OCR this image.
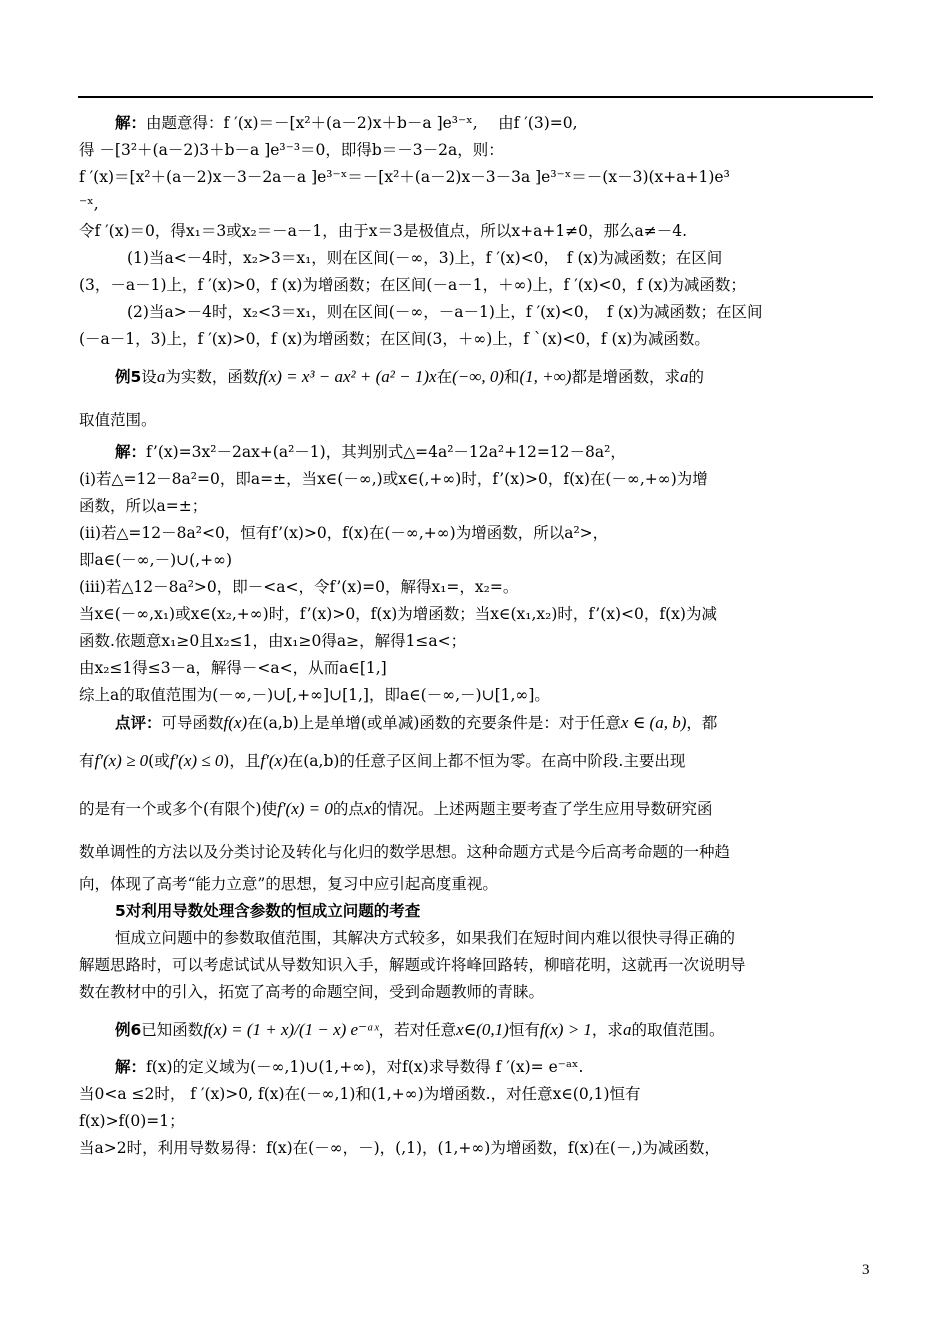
解：由题意得：f ′(x)＝－[x²＋(a－2)x＋b－a ]e³⁻ˣ,　 由f ′(3)=0,
得 －[3²＋(a－2)3＋b－a ]e³⁻³＝0，即得b＝－3－2a，则：
f ′(x)＝[x²＋(a－2)x－3－2a－a ]e³⁻ˣ＝－[x²＋(a－2)x－3－3a ]e³⁻ˣ＝－(x－3)(x+a+1)e³
⁻ˣ,
令f ′(x)＝0，得x₁＝3或x₂＝－a－1，由于x＝3是极值点，所以x+a+1≠0，那么a≠－4.
(1)当a<－4时，x₂>3＝x₁，则在区间(－∞，3)上，f ′(x)<0，　f (x)为减函数；在区间
(3，－a－1)上，f ′(x)>0，f (x)为增函数；在区间(－a－1，＋∞)上，f ′(x)<0，f (x)为减函数；
(2)当a>－4时，x₂<3＝x₁，则在区间(－∞，－a－1)上，f ′(x)<0，　f (x)为减函数；在区间
(－a－1，3)上，f ′(x)>0，f (x)为增函数；在区间(3，＋∞)上，f `(x)<0，f (x)为减函数。
例5设a为实数，函数f(x) = x³ − ax² + (a² − 1)x在(−∞, 0)和(1, +∞)都是增函数，求a的
取值范围。
解：f’(x)=3x²－2ax+(a²－1)，其判别式△=4a²－12a²+12=12－8a²，
(ⅰ)若△=12－8a²=0，即a=±，当x∈(－∞,)或x∈(,+∞)时，f’(x)>0，f(x)在(－∞,+∞)为增
函数，所以a=±；
(ⅱ)若△=12－8a²<0，恒有f’(x)>0，f(x)在(－∞,+∞)为增函数，所以a²>，
即a∈(－∞,－)∪(,+∞)
(ⅲ)若△12－8a²>0，即－<a<，令f’(x)=0，解得x₁=，x₂=。
当x∈(－∞,x₁)或x∈(x₂,+∞)时，f’(x)>0，f(x)为增函数；当x∈(x₁,x₂)时，f’(x)<0，f(x)为减
函数.依题意x₁≥0且x₂≤1，由x₁≥0得a≥，解得1≤a<；
由x₂≤1得≤3－a，解得－<a<，从而a∈[1,]
综上a的取值范围为(－∞,－)∪[,+∞]∪[1,]，即a∈(－∞,－)∪[1,∞]。
点评：可导函数f(x)在(a,b)上是单增(或单减)函数的充要条件是：对于任意x ∈ (a, b)，都
有f′(x) ≥ 0(或f′(x) ≤ 0)，且f′(x)在(a,b)的任意子区间上都不恒为零。在高中阶段.主要出现
的是有一个或多个(有限个)使f′(x) = 0的点x的情况。上述两题主要考查了学生应用导数研究函
数单调性的方法以及分类讨论及转化与化归的数学思想。这种命题方式是今后高考命题的一种趋
向，体现了高考“能力立意”的思想，复习中应引起高度重视。
5对利用导数处理含参数的恒成立问题的考查
恒成立问题中的参数取值范围，其解决方式较多，如果我们在短时间内难以很快寻得正确的
解题思路时，可以考虑试试从导数知识入手，解题或许将峰回路转，柳暗花明，这就再一次说明导
数在教材中的引入，拓宽了高考的命题空间，受到命题教师的青睐。
例6已知函数f(x) = (1 + x)/(1 − x) e⁻ᵃˣ，若对任意x∈(0,1)恒有f(x) > 1，求a的取值范围。
解：f(x)的定义域为(－∞,1)∪(1,+∞)，对f(x)求导数得 f ′(x)= e⁻ᵃˣ.
当0<a ≤2时， f ′(x)>0, f(x)在(－∞,1)和(1,+∞)为增函数.，对任意x∈(0,1)恒有
f(x)>f(0)=1；
当a>2时，利用导数易得：f(x)在(－∞，－)，(,1)，(1,+∞)为增函数，f(x)在(－,)为减函数，
3
